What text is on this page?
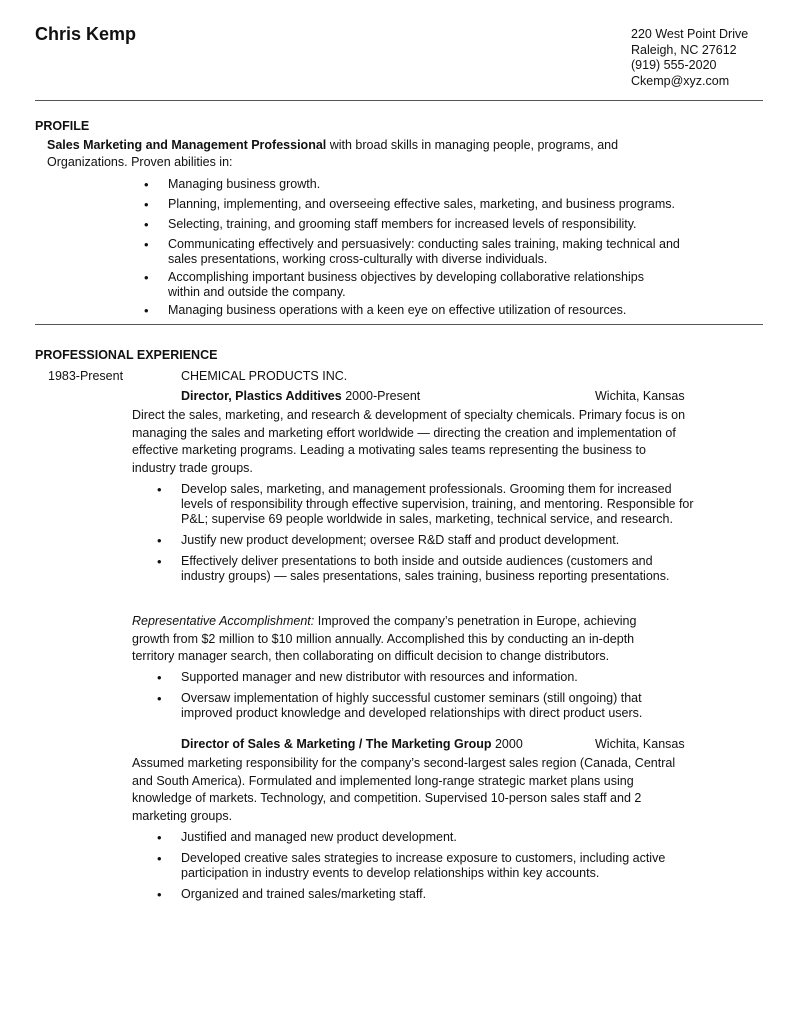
Chris Kemp	220 West Point Drive
Raleigh, NC 27612
(919) 555-2020
Ckemp@xyz.com
PROFILE
Sales Marketing and Management Professional with broad skills in managing people, programs, and Organizations. Proven abilities in:
• Managing business growth.
• Planning, implementing, and overseeing effective sales, marketing, and business programs.
• Selecting, training, and grooming staff members for increased levels of responsibility.
• Communicating effectively and persuasively: conducting sales training, making technical and sales presentations, working cross-culturally with diverse individuals.
• Accomplishing important business objectives by developing collaborative relationships within and outside the company.
• Managing business operations with a keen eye on effective utilization of resources.
PROFESSIONAL EXPERIENCE
1983-Present	CHEMICAL PRODUCTS INC.
Director, Plastics Additives 2000-Present	Wichita, Kansas
Direct the sales, marketing, and research & development of specialty chemicals. Primary focus is on managing the sales and marketing effort worldwide — directing the creation and implementation of effective marketing programs. Leading a motivating sales teams representing the business to industry trade groups.
• Develop sales, marketing, and management professionals. Grooming them for increased levels of responsibility through effective supervision, training, and mentoring. Responsible for P&L; supervise 69 people worldwide in sales, marketing, technical service, and research.
• Justify new product development; oversee R&D staff and product development.
• Effectively deliver presentations to both inside and outside audiences (customers and industry groups) — sales presentations, sales training, business reporting presentations.
Representative Accomplishment: Improved the company’s penetration in Europe, achieving growth from $2 million to $10 million annually. Accomplished this by conducting an in-depth territory manager search, then collaborating on difficult decision to change distributors.
• Supported manager and new distributor with resources and information.
• Oversaw implementation of highly successful customer seminars (still ongoing) that improved product knowledge and developed relationships with direct product users.
Director of Sales & Marketing / The Marketing Group 2000	Wichita, Kansas
Assumed marketing responsibility for the company’s second-largest sales region (Canada, Central and South America). Formulated and implemented long-range strategic market plans using knowledge of markets. Technology, and competition. Supervised 10-person sales staff and 2 marketing groups.
• Justified and managed new product development.
• Developed creative sales strategies to increase exposure to customers, including active participation in industry events to develop relationships within key accounts.
• Organized and trained sales/marketing staff.
